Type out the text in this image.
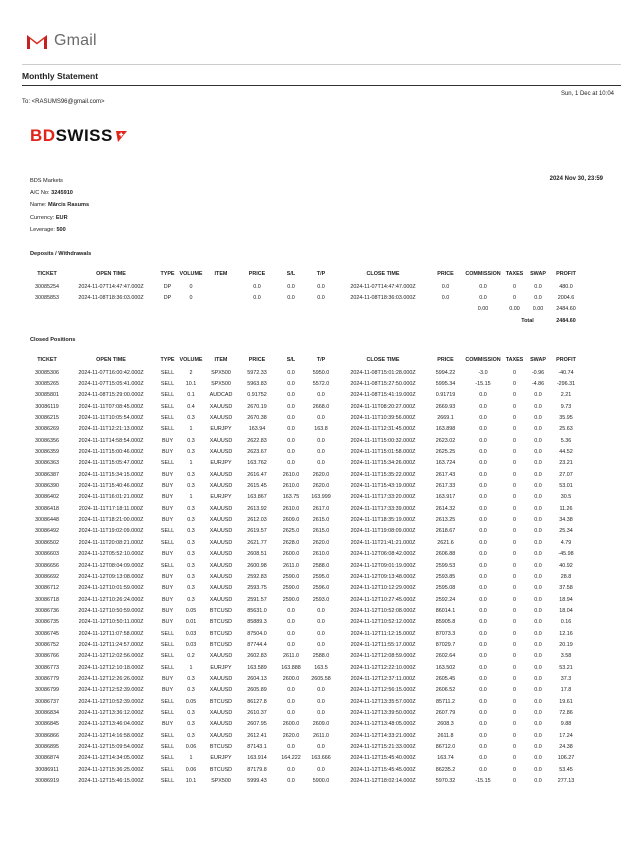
Gmail
Monthly Statement
To: <RASUMS96@gmail.com>
Sun, 1 Dec at 10:04
BD SWISS
BDS Markets
A/C No: 3245910
Name: Mārcis Rasums
Currency: EUR
Leverage: 500
2024 Nov 30, 23:59
Deposits / Withdrawals
TICKET	OPEN TIME	TYPE	VOLUME	ITEM	PRICE	S/L	T/P	CLOSE TIME	PRICE	COMMISSION	TAXES	SWAP	PROFIT
30085254	2024-11-07T14:47:47.000Z	DP	0		0.0	0.0	0.0	2024-11-07T14:47:47.000Z	0.0	0.0	0	0.0	480.0
30085853	2024-11-08T18:36:03.000Z	DP	0		0.0	0.0	0.0	2024-11-08T18:36:03.000Z	0.0	0.0	0	0.0	2004.6
										0.00	0.00	0.00	2484.60
											Total		2484.60
Closed Positions
TICKET	OPEN TIME	TYPE	VOLUME	ITEM	PRICE	S/L	T/P	CLOSE TIME	PRICE	COMMISSION	TAXES	SWAP	PROFIT
30085306	2024-11-07T16:00:42.000Z	SELL	2	SPX500	5972.33	0.0	5950.0	2024-11-08T15:01:28.000Z	5994.22	-3.0	0	-0.96	-40.74
30085265	2024-11-07T15:05:41.000Z	SELL	10.1	SPX500	5963.83	0.0	5572.0	2024-11-08T15:27:50.000Z	5995.34	-15.15	0	-4.86	-296.31
30085801	2024-11-08T15:29:00.000Z	SELL	0.1	AUDCAD	0.91752	0.0	0.0	2024-11-08T15:41:19.000Z	0.91719	0.0	0	0.0	2.21
30086119	2024-11-11T07:08:45.000Z	SELL	0.4	XAUUSD	2670.19	0.0	2668.0	2024-11-11T08:20:27.000Z	2669.93	0.0	0	0.0	9.73
30086215	2024-11-11T10:05:54.000Z	SELL	0.3	XAUUSD	2670.38	0.0	0.0	2024-11-11T10:39:56.000Z	2669.1	0.0	0	0.0	35.95
30086269	2024-11-11T12:21:13.000Z	SELL	1	EURJPY	163.94	0.0	163.8	2024-11-11T12:31:45.000Z	163.898	0.0	0	0.0	25.63
30086356	2024-11-11T14:58:54.000Z	BUY	0.3	XAUUSD	2622.83	0.0	0.0	2024-11-11T15:00:32.000Z	2623.02	0.0	0	0.0	5.36
30086359	2024-11-11T15:00:46.000Z	BUY	0.3	XAUUSD	2623.67	0.0	0.0	2024-11-11T15:01:58.000Z	2625.25	0.0	0	0.0	44.52
30086363	2024-11-11T15:05:47.000Z	SELL	1	EURJPY	163.762	0.0	0.0	2024-11-11T15:34:26.000Z	163.724	0.0	0	0.0	23.21
30086387	2024-11-11T15:34:15.000Z	BUY	0.3	XAUUSD	2616.47	2610.0	2620.0	2024-11-11T15:35:22.000Z	2617.43	0.0	0	0.0	27.07
30086390	2024-11-11T15:40:46.000Z	BUY	0.3	XAUUSD	2615.45	2610.0	2620.0	2024-11-11T15:43:19.000Z	2617.33	0.0	0	0.0	53.01
30086402	2024-11-11T16:01:21.000Z	BUY	1	EURJPY	163.867	163.75	163.999	2024-11-11T17:33:20.000Z	163.917	0.0	0	0.0	30.5
30086418	2024-11-11T17:18:11.000Z	BUY	0.3	XAUUSD	2613.92	2610.0	2617.0	2024-11-11T17:33:39.000Z	2614.32	0.0	0	0.0	11.26
30086448	2024-11-11T18:21:00.000Z	BUY	0.3	XAUUSD	2612.03	2609.0	2615.0	2024-11-11T18:35:19.000Z	2613.25	0.0	0	0.0	34.38
30086492	2024-11-11T19:02:09.000Z	SELL	0.3	XAUUSD	2619.57	2625.0	2615.0	2024-11-11T19:08:09.000Z	2618.67	0.0	0	0.0	25.34
30086502	2024-11-11T20:08:21.000Z	SELL	0.3	XAUUSD	2621.77	2628.0	2620.0	2024-11-11T21:41:21.000Z	2621.6	0.0	0	0.0	4.79
30086603	2024-11-12T05:52:10.000Z	BUY	0.3	XAUUSD	2608.51	2600.0	2610.0	2024-11-12T06:08:42.000Z	2606.88	0.0	0	0.0	-45.98
30086656	2024-11-12T08:04:09.000Z	SELL	0.3	XAUUSD	2600.98	2611.0	2588.0	2024-11-12T09:01:19.000Z	2599.53	0.0	0	0.0	40.92
30086692	2024-11-12T09:13:08.000Z	BUY	0.3	XAUUSD	2592.83	2590.0	2595.0	2024-11-12T09:13:48.000Z	2593.85	0.0	0	0.0	28.8
30086712	2024-11-12T10:01:59.000Z	BUY	0.3	XAUUSD	2593.75	2590.0	2596.0	2024-11-12T10:12:29.000Z	2595.08	0.0	0	0.0	37.58
30086718	2024-11-12T10:26:24.000Z	BUY	0.3	XAUUSD	2591.57	2590.0	2593.0	2024-11-12T10:27:45.000Z	2592.24	0.0	0	0.0	18.94
30086736	2024-11-12T10:50:59.000Z	BUY	0.05	BTCUSD	85631.0	0.0	0.0	2024-11-12T10:52:08.000Z	86014.1	0.0	0	0.0	18.04
30086735	2024-11-12T10:50:11.000Z	BUY	0.01	BTCUSD	85889.3	0.0	0.0	2024-11-12T10:52:12.000Z	85905.8	0.0	0	0.0	0.16
30086745	2024-11-12T11:07:58.000Z	SELL	0.03	BTCUSD	87504.0	0.0	0.0	2024-11-12T11:12:15.000Z	87073.3	0.0	0	0.0	12.16
30086752	2024-11-12T11:24:57.000Z	SELL	0.03	BTCUSD	87744.4	0.0	0.0	2024-11-12T11:55:17.000Z	87029.7	0.0	0	0.0	20.19
30086766	2024-11-12T12:02:56.000Z	SELL	0.2	XAUUSD	2602.83	2611.0	2588.0	2024-11-12T12:08:59.000Z	2602.64	0.0	0	0.0	3.58
30086773	2024-11-12T12:10:18.000Z	SELL	1	EURJPY	163.589	163.888	163.5	2024-11-12T12:22:10.000Z	163.502	0.0	0	0.0	53.21
30086779	2024-11-12T12:26:26.000Z	BUY	0.3	XAUUSD	2604.13	2600.0	2605.58	2024-11-12T12:37:11.000Z	2605.45	0.0	0	0.0	37.3
30086799	2024-11-12T12:52:39.000Z	BUY	0.3	XAUUSD	2605.89	0.0	0.0	2024-11-12T12:56:15.000Z	2606.52	0.0	0	0.0	17.8
30086737	2024-11-12T10:52:39.000Z	SELL	0.05	BTCUSD	86127.8	0.0	0.0	2024-11-12T13:35:57.000Z	85711.2	0.0	0	0.0	19.61
30086834	2024-11-12T13:36:12.000Z	SELL	0.3	XAUUSD	2610.37	0.0	0.0	2024-11-12T13:39:50.000Z	2607.79	0.0	0	0.0	72.86
30086845	2024-11-12T13:46:04.000Z	BUY	0.3	XAUUSD	2607.95	2600.0	2609.0	2024-11-12T13:48:05.000Z	2608.3	0.0	0	0.0	9.88
30086866	2024-11-12T14:16:58.000Z	SELL	0.3	XAUUSD	2612.41	2620.0	2611.0	2024-11-12T14:33:21.000Z	2611.8	0.0	0	0.0	17.24
30086895	2024-11-12T15:09:54.000Z	SELL	0.06	BTCUSD	87143.1	0.0	0.0	2024-11-12T15:21:33.000Z	86712.0	0.0	0	0.0	24.38
30086874	2024-11-12T14:34:05.000Z	SELL	1	EURJPY	163.914	164.222	163.666	2024-11-12T15:45:40.000Z	163.74	0.0	0	0.0	106.27
30086911	2024-11-12T15:36:25.000Z	SELL	0.06	BTCUSD	87179.8	0.0	0.0	2024-11-12T15:45:45.000Z	86235.2	0.0	0	0.0	53.45
30086919	2024-11-12T15:46:15.000Z	SELL	10.1	SPX500	5999.43	0.0	5900.0	2024-11-12T18:02:14.000Z	5970.32	-15.15	0	0.0	277.13
